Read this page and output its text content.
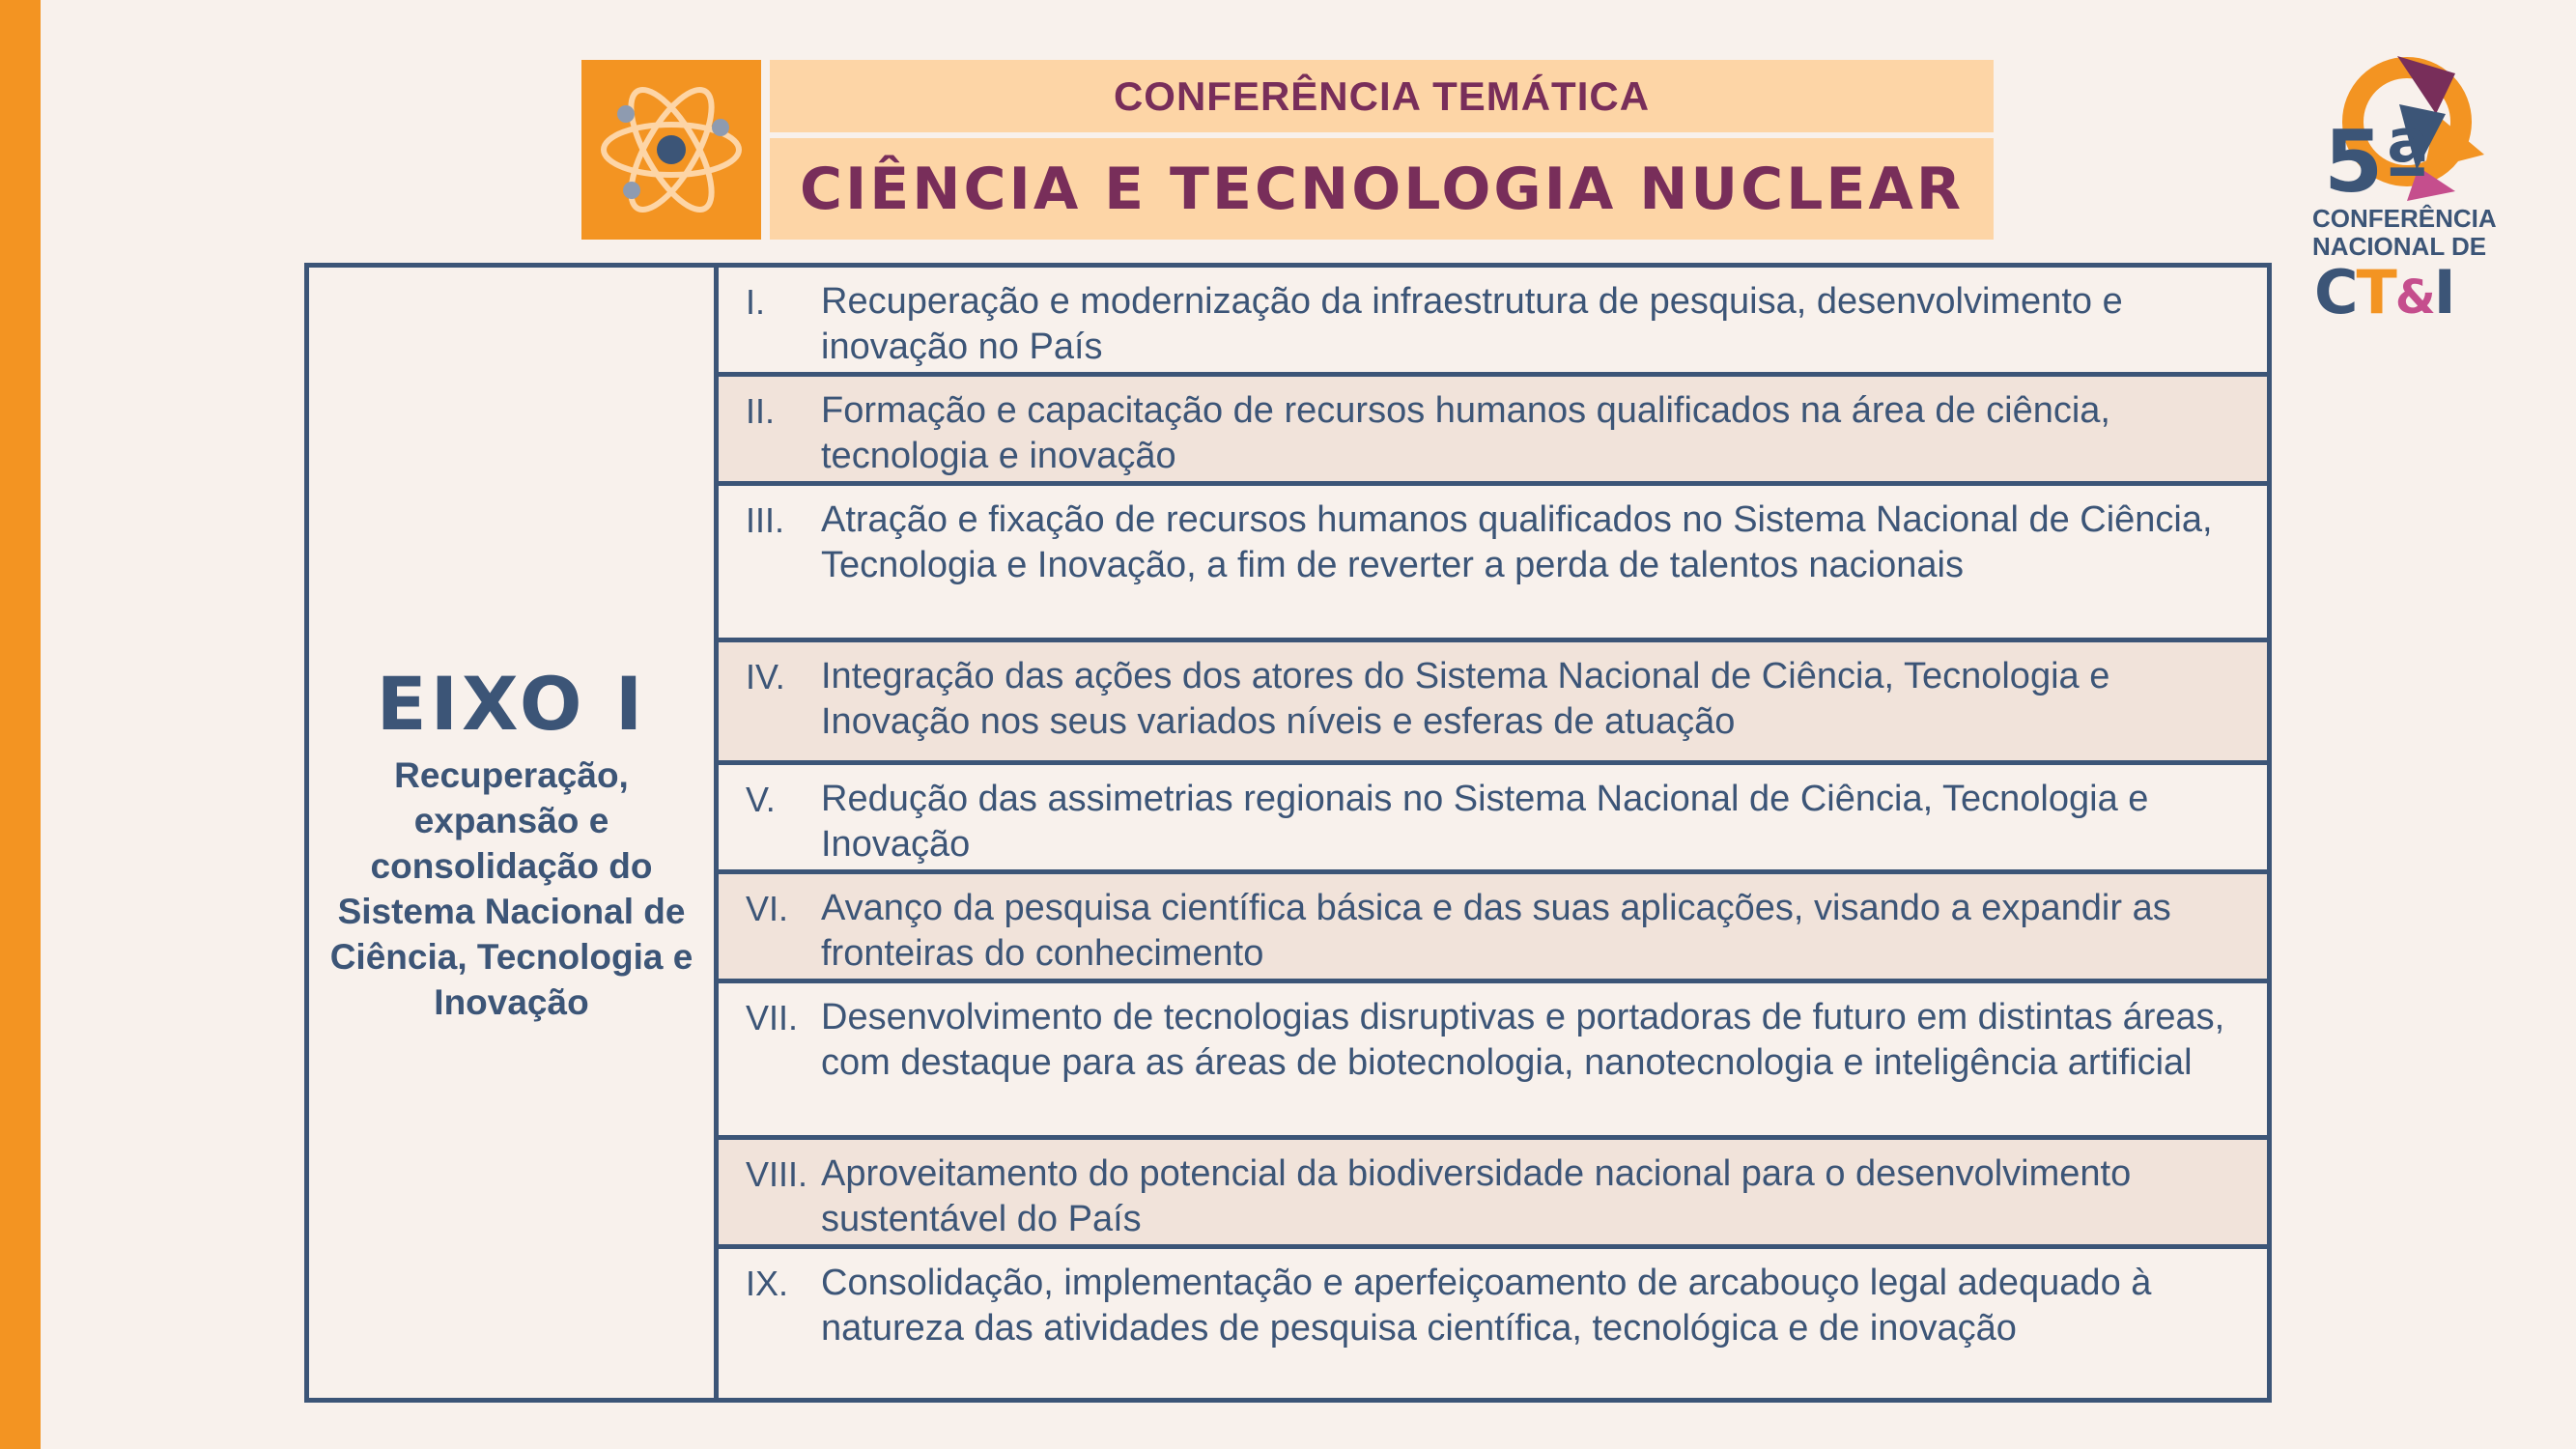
CONFERÊNCIA TEMÁTICA
CIÊNCIA E TECNOLOGIA NUCLEAR	5ª
CONFERÊNCIA
NACIONAL DE
CT&I
EIXO I
Recuperação, expansão e consolidação do Sistema Nacional de Ciência, Tecnologia e Inovação
I.	Recuperação e modernização da infraestrutura de pesquisa, desenvolvimento e inovação no País
II.	Formação e capacitação de recursos humanos qualificados na área de ciência, tecnologia e inovação
III. Atração e fixação de recursos humanos qualificados no Sistema Nacional de Ciência, Tecnologia e Inovação, a fim de reverter a perda de talentos nacionais
IV. Integração das ações dos atores do Sistema Nacional de Ciência, Tecnologia e Inovação nos seus variados níveis e esferas de atuação
V.	Redução das assimetrias regionais no Sistema Nacional de Ciência, Tecnologia e Inovação
VI. Avanço da pesquisa científica básica e das suas aplicações, visando a expandir as fronteiras do conhecimento
VII. Desenvolvimento de tecnologias disruptivas e portadoras de futuro em distintas áreas, com destaque para as áreas de biotecnologia, nanotecnologia e inteligência artificial
VIII. Aproveitamento do potencial da biodiversidade nacional para o desenvolvimento sustentável do País
IX. Consolidação, implementação e aperfeiçoamento de arcabouço legal adequado à natureza das atividades de pesquisa científica, tecnológica e de inovação
